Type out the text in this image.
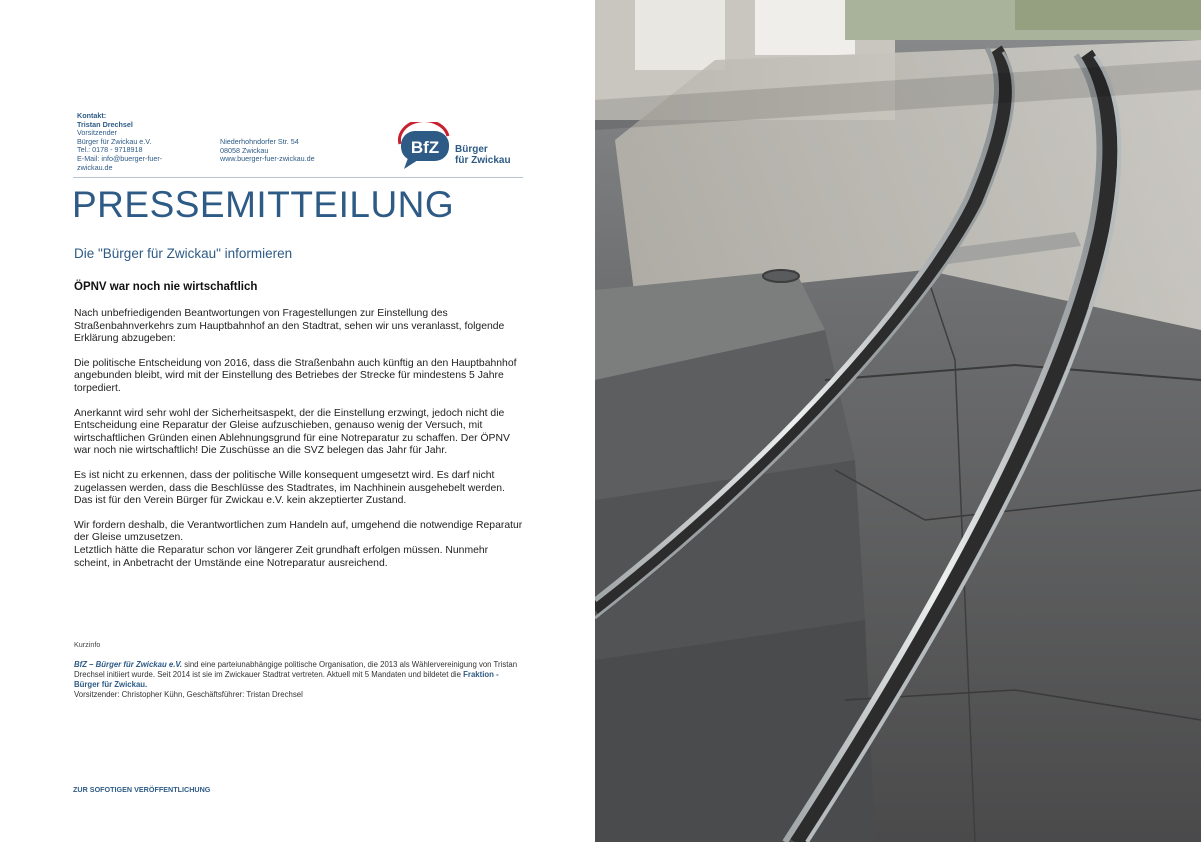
Kontakt:
Tristan Drechsel
Vorsitzender
Bürger für Zwickau e.V.
Tel.: 0178 - 9718918
E-Mail: info@buerger-fuer-
zwickau.de
Niederhohndorfer Str. 54
08058 Zwickau
www.buerger-fuer-zwickau.de
BfZ Bürger
für Zwickau
PRESSEMITTEILUNG
Die "Bürger für Zwickau" informieren
ÖPNV war noch nie wirtschaftlich

Nach unbefriedigenden Beantwortungen von Fragestellungen zur Einstellung des Straßenbahnverkehrs zum Hauptbahnhof an den Stadtrat, sehen wir uns veranlasst, folgende Erklärung abzugeben:

Die politische Entscheidung von 2016, dass die Straßenbahn auch künftig an den Hauptbahnhof angebunden bleibt, wird mit der Einstellung des Betriebes der Strecke für mindestens 5 Jahre torpediert.

Anerkannt wird sehr wohl der Sicherheitsaspekt, der die Einstellung erzwingt, jedoch nicht die Entscheidung eine Reparatur der Gleise aufzuschieben, genauso wenig der Versuch, mit wirtschaftlichen Gründen einen Ablehnungsgrund für eine Notreparatur zu schaffen. Der ÖPNV war noch nie wirtschaftlich! Die Zuschüsse an die SVZ belegen das Jahr für Jahr.

Es ist nicht zu erkennen, dass der politische Wille konsequent umgesetzt wird. Es darf nicht zugelassen werden, dass die Beschlüsse des Stadtrates, im Nachhinein ausgehebelt werden.

Das ist für den Verein Bürger für Zwickau e.V. kein akzeptierter Zustand.

Wir fordern deshalb, die Verantwortlichen zum Handeln auf, umgehend die notwendige Reparatur der Gleise umzusetzen.

Letztlich hätte die Reparatur schon vor längerer Zeit grundhaft erfolgen müssen. Nunmehr scheint, in Anbetracht der Umstände eine Notreparatur ausreichend.

Kurzinfo
BfZ – Bürger für Zwickau e.V. sind eine parteiunabhängige politische Organisation, die 2013 als Wählervereinigung von Tristan Drechsel initiiert wurde. Seit 2014 ist sie im Zwickauer Stadtrat vertreten. Aktuell mit 5 Mandaten und bildetet die Fraktion - Bürger für Zwickau.
Vorsitzender: Christopher Kühn, Geschäftsführer: Tristan Drechsel
ZUR SOFOTIGEN VERÖFFENTLICHUNG
